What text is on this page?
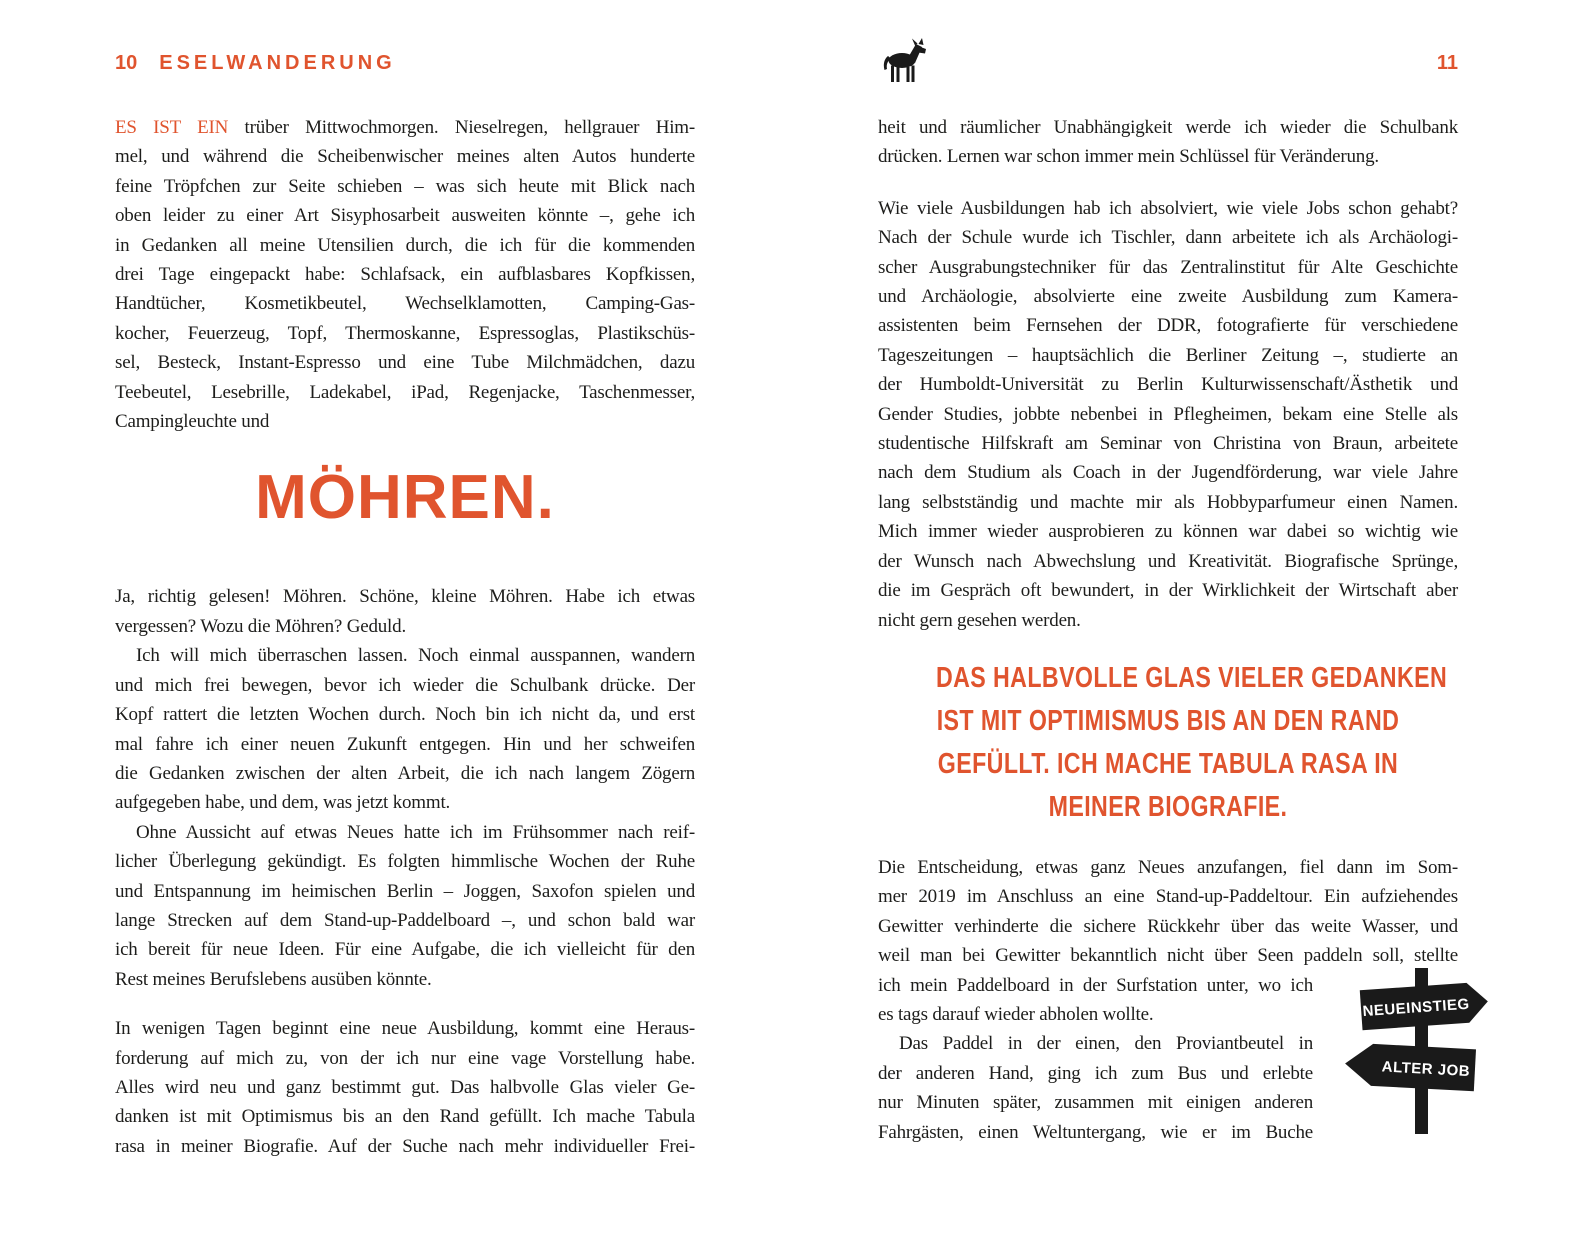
10 ESELWANDERUNG
ES IST EIN trüber Mittwochmorgen. Nieselregen, hellgrauer Him-
mel, und während die Scheibenwischer meines alten Autos hunderte
feine Tröpfchen zur Seite schieben – was sich heute mit Blick nach
oben leider zu einer Art Sisyphosarbeit ausweiten könnte –, gehe ich
in Gedanken all meine Utensilien durch, die ich für die kommenden
drei Tage eingepackt habe: Schlafsack, ein aufblasbares Kopfkissen,
Handtücher, Kosmetikbeutel, Wechselklamotten, Camping-Gas-
kocher, Feuerzeug, Topf, Thermoskanne, Espressoglas, Plastikschüs-
sel, Besteck, Instant-Espresso und eine Tube Milchmädchen, dazu
Teebeutel, Lesebrille, Ladekabel, iPad, Regenjacke, Taschenmesser,
Campingleuchte und
MÖHREN.
Ja, richtig gelesen! Möhren. Schöne, kleine Möhren. Habe ich etwas
vergessen? Wozu die Möhren? Geduld.
Ich will mich überraschen lassen. Noch einmal ausspannen, wandern
und mich frei bewegen, bevor ich wieder die Schulbank drücke. Der
Kopf rattert die letzten Wochen durch. Noch bin ich nicht da, und erst
mal fahre ich einer neuen Zukunft entgegen. Hin und her schweifen
die Gedanken zwischen der alten Arbeit, die ich nach langem Zögern
aufgegeben habe, und dem, was jetzt kommt.
Ohne Aussicht auf etwas Neues hatte ich im Frühsommer nach reif-
licher Überlegung gekündigt. Es folgten himmlische Wochen der Ruhe
und Entspannung im heimischen Berlin – Joggen, Saxofon spielen und
lange Strecken auf dem Stand-up-Paddelboard –, und schon bald war
ich bereit für neue Ideen. Für eine Aufgabe, die ich vielleicht für den
Rest meines Berufslebens ausüben könnte.
In wenigen Tagen beginnt eine neue Ausbildung, kommt eine Heraus-
forderung auf mich zu, von der ich nur eine vage Vorstellung habe.
Alles wird neu und ganz bestimmt gut. Das halbvolle Glas vieler Ge-
danken ist mit Optimismus bis an den Rand gefüllt. Ich mache Tabula
rasa in meiner Biografie. Auf der Suche nach mehr individueller Frei-
11
heit und räumlicher Unabhängigkeit werde ich wieder die Schulbank
drücken. Lernen war schon immer mein Schlüssel für Veränderung.
Wie viele Ausbildungen hab ich absolviert, wie viele Jobs schon gehabt?
Nach der Schule wurde ich Tischler, dann arbeitete ich als Archäologi-
scher Ausgrabungstechniker für das Zentralinstitut für Alte Geschichte
und Archäologie, absolvierte eine zweite Ausbildung zum Kamera-
assistenten beim Fernsehen der DDR, fotografierte für verschiedene
Tageszeitungen – hauptsächlich die Berliner Zeitung –, studierte an
der Humboldt-Universität zu Berlin Kulturwissenschaft/Ästhetik und
Gender Studies, jobbte nebenbei in Pflegheimen, bekam eine Stelle als
studentische Hilfskraft am Seminar von Christina von Braun, arbeitete
nach dem Studium als Coach in der Jugendförderung, war viele Jahre
lang selbstständig und machte mir als Hobbyparfumeur einen Namen.
Mich immer wieder ausprobieren zu können war dabei so wichtig wie
der Wunsch nach Abwechslung und Kreativität. Biografische Sprünge,
die im Gespräch oft bewundert, in der Wirklichkeit der Wirtschaft aber
nicht gern gesehen werden.
DAS HALBVOLLE GLAS VIELER GEDANKEN
IST MIT OPTIMISMUS BIS AN DEN RAND
GEFÜLLT. ICH MACHE TABULA RASA IN
MEINER BIOGRAFIE.
Die Entscheidung, etwas ganz Neues anzufangen, fiel dann im Som-
mer 2019 im Anschluss an eine Stand-up-Paddeltour. Ein aufziehendes
Gewitter verhinderte die sichere Rückkehr über das weite Wasser, und
weil man bei Gewitter bekanntlich nicht über Seen paddeln soll, stellte
ich mein Paddelboard in der Surfstation unter, wo ich
es tags darauf wieder abholen wollte.
Das Paddel in der einen, den Proviantbeutel in
der anderen Hand, ging ich zum Bus und erlebte
nur Minuten später, zusammen mit einigen anderen
Fahrgästen, einen Weltuntergang, wie er im Buche
NEUEINSTIEG
ALTER JOB
